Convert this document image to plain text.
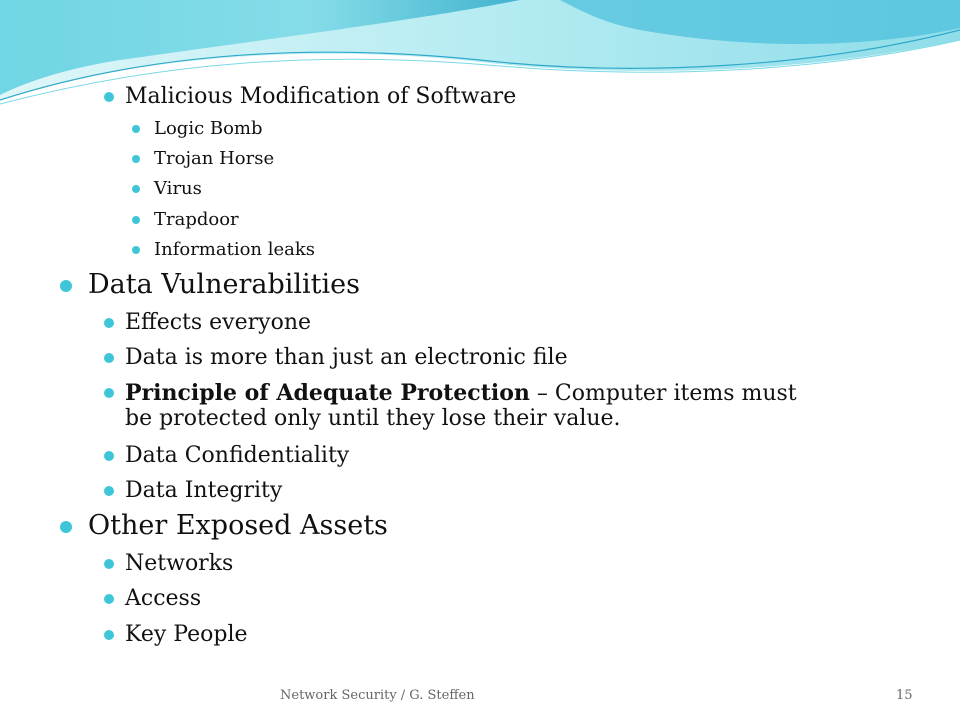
Malicious Modification of Software
Logic Bomb
Trojan Horse
Virus
Trapdoor
Information leaks
Data Vulnerabilities
Effects everyone
Data is more than just an electronic file
Principle of Adequate Protection – Computer items must
be protected only until they lose their value.
Data Confidentiality
Data Integrity
Other Exposed Assets
Networks
Access
Key People
Network Security / G. Steffen	15
